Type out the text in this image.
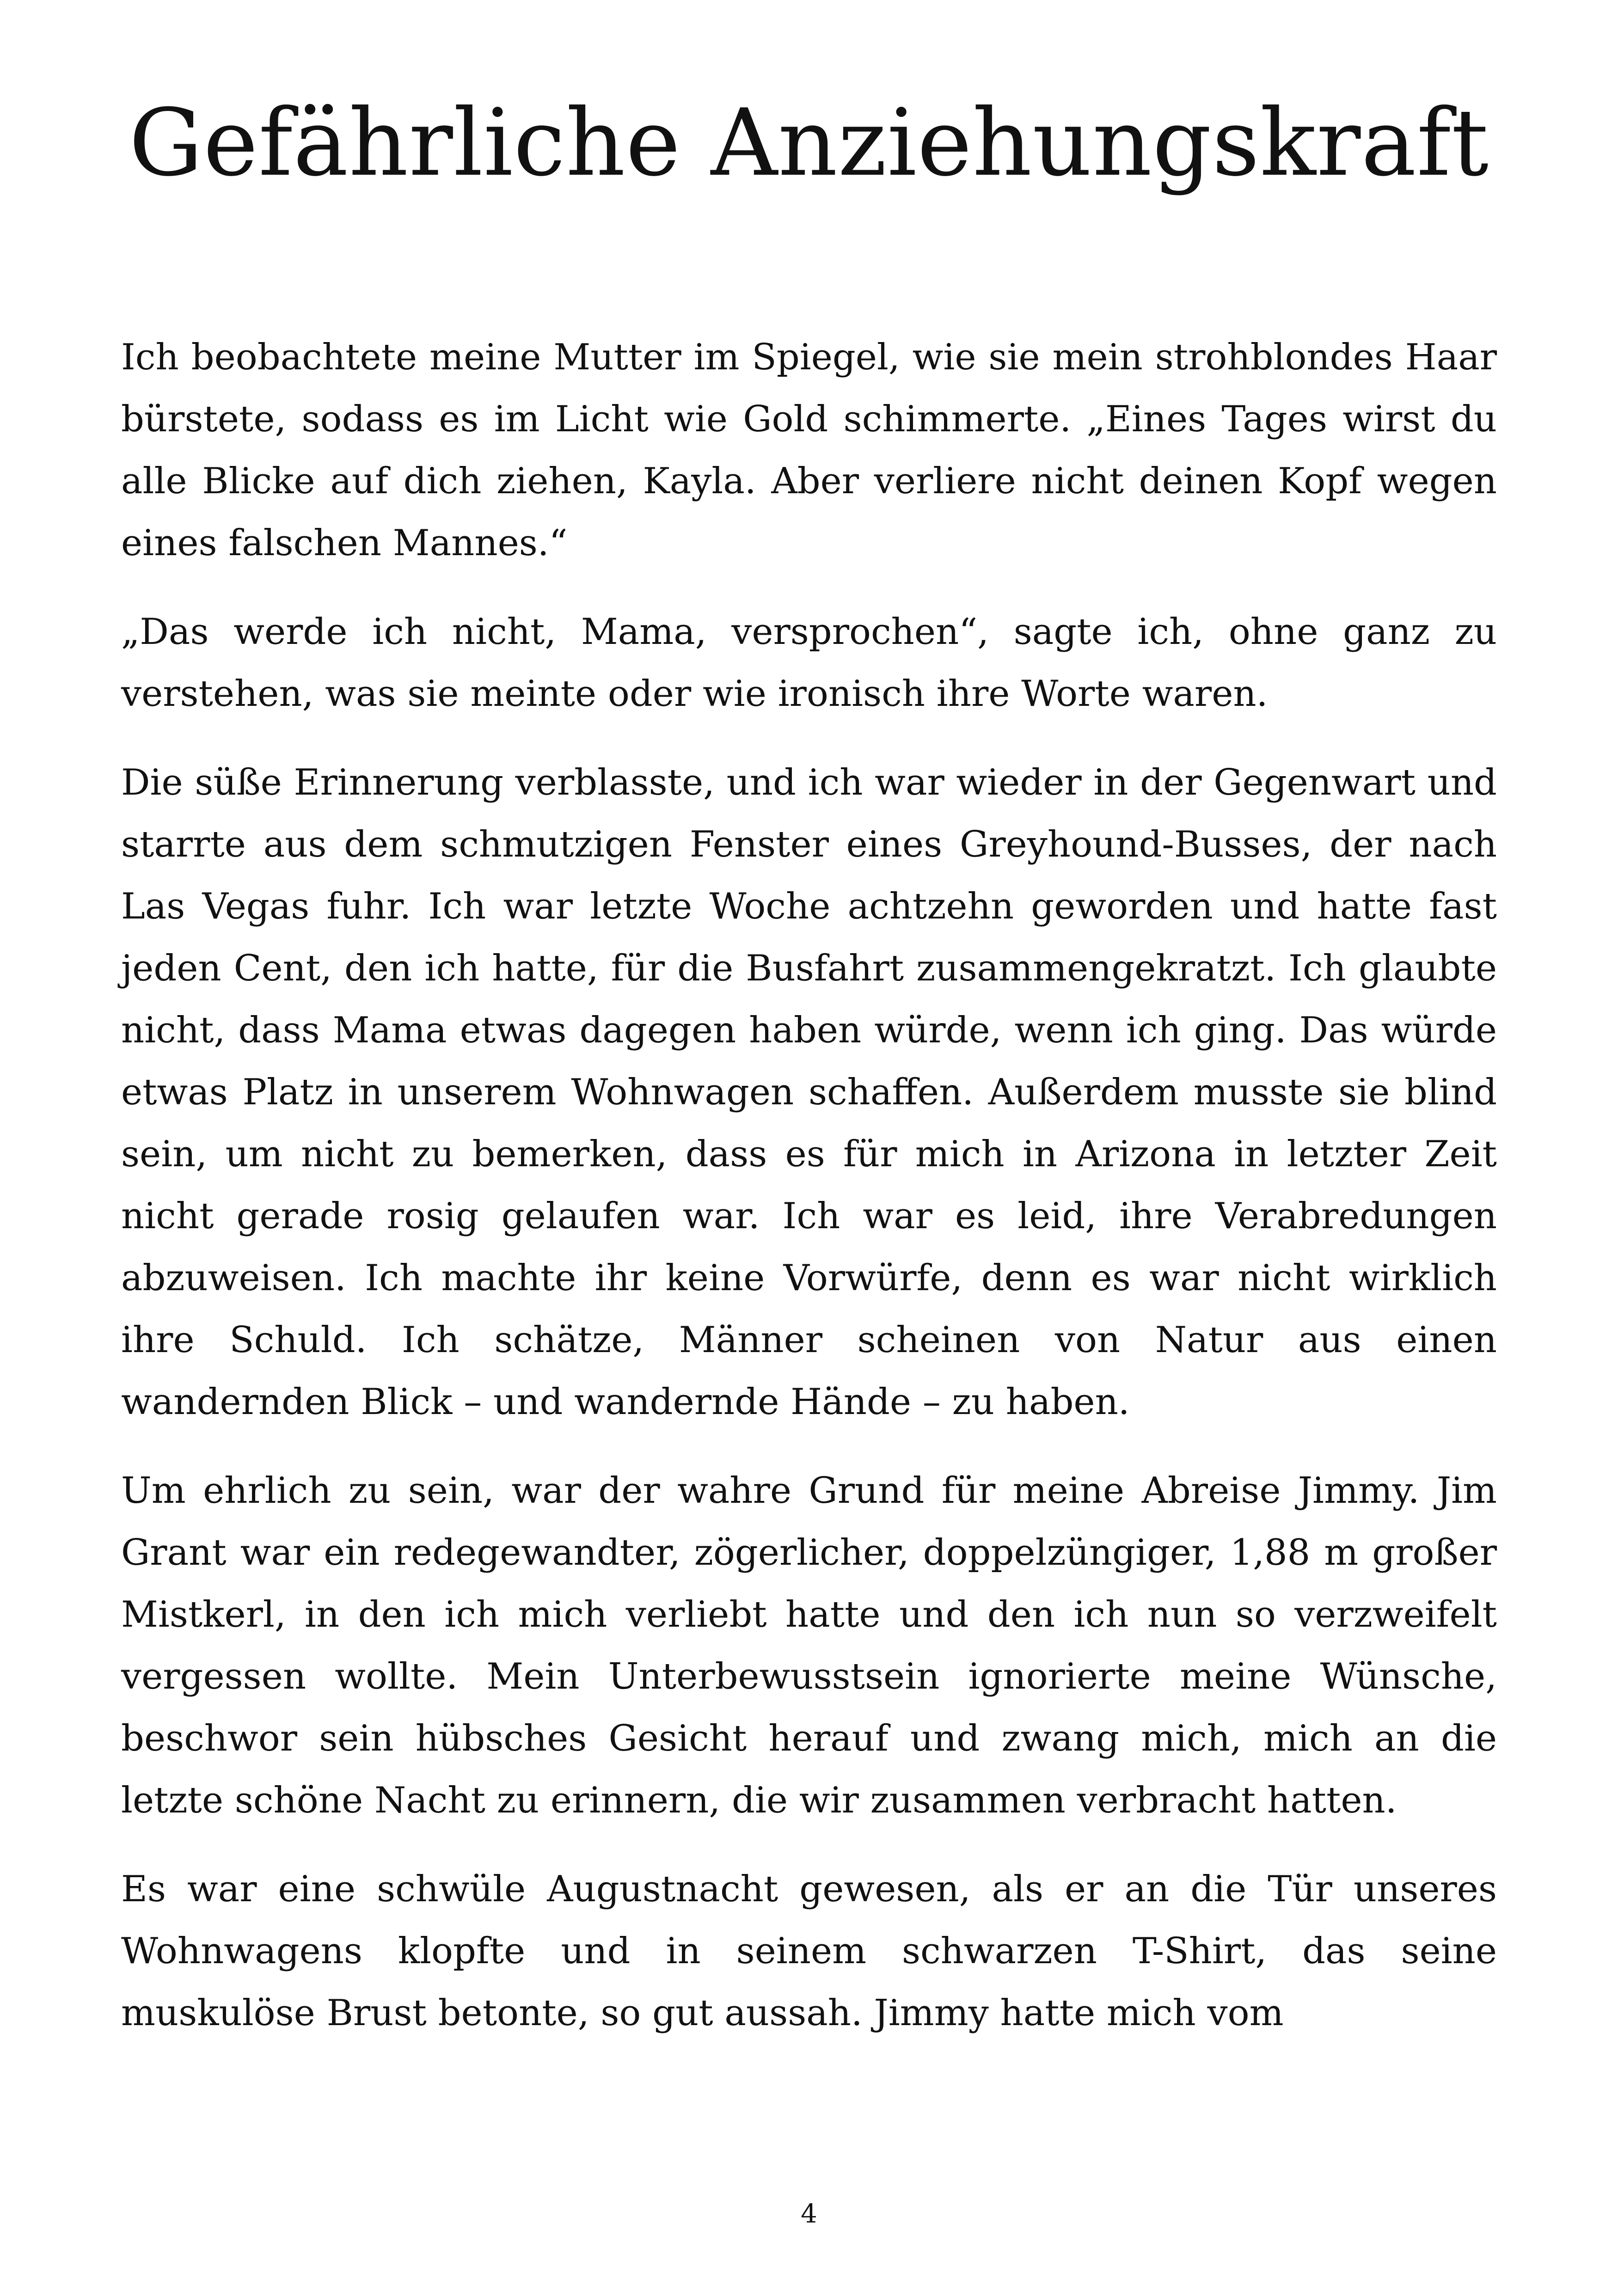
Gefährliche Anziehungskraft

Ich beobachtete meine Mutter im Spiegel, wie sie mein strohblondes Haar bürstete, sodass es im Licht wie Gold schimmerte. „Eines Tages wirst du alle Blicke auf dich ziehen, Kayla. Aber verliere nicht deinen Kopf wegen eines falschen Mannes.“

„Das werde ich nicht, Mama, versprochen“, sagte ich, ohne ganz zu verstehen, was sie meinte oder wie ironisch ihre Worte waren.

Die süße Erinnerung verblasste, und ich war wieder in der Gegenwart und starrte aus dem schmutzigen Fenster eines Greyhound-Busses, der nach Las Vegas fuhr. Ich war letzte Woche achtzehn geworden und hatte fast jeden Cent, den ich hatte, für die Busfahrt zusammengekratzt. Ich glaubte nicht, dass Mama etwas dagegen haben würde, wenn ich ging. Das würde etwas Platz in unserem Wohnwagen schaffen. Außerdem musste sie blind sein, um nicht zu bemerken, dass es für mich in Arizona in letzter Zeit nicht gerade rosig gelaufen war. Ich war es leid, ihre Verabredungen abzuweisen. Ich machte ihr keine Vorwürfe, denn es war nicht wirklich ihre Schuld. Ich schätze, Männer scheinen von Natur aus einen wandernden Blick – und wandernde Hände – zu haben.

Um ehrlich zu sein, war der wahre Grund für meine Abreise Jimmy. Jim Grant war ein redegewandter, zögerlicher, doppelzüngiger, 1,88 m großer Mistkerl, in den ich mich verliebt hatte und den ich nun so verzweifelt vergessen wollte. Mein Unterbewusstsein ignorierte meine Wünsche, beschwor sein hübsches Gesicht herauf und zwang mich, mich an die letzte schöne Nacht zu erinnern, die wir zusammen verbracht hatten.

Es war eine schwüle Augustnacht gewesen, als er an die Tür unseres Wohnwagens klopfte und in seinem schwarzen T-Shirt, das seine muskulöse Brust betonte, so gut aussah. Jimmy hatte mich vom

4
